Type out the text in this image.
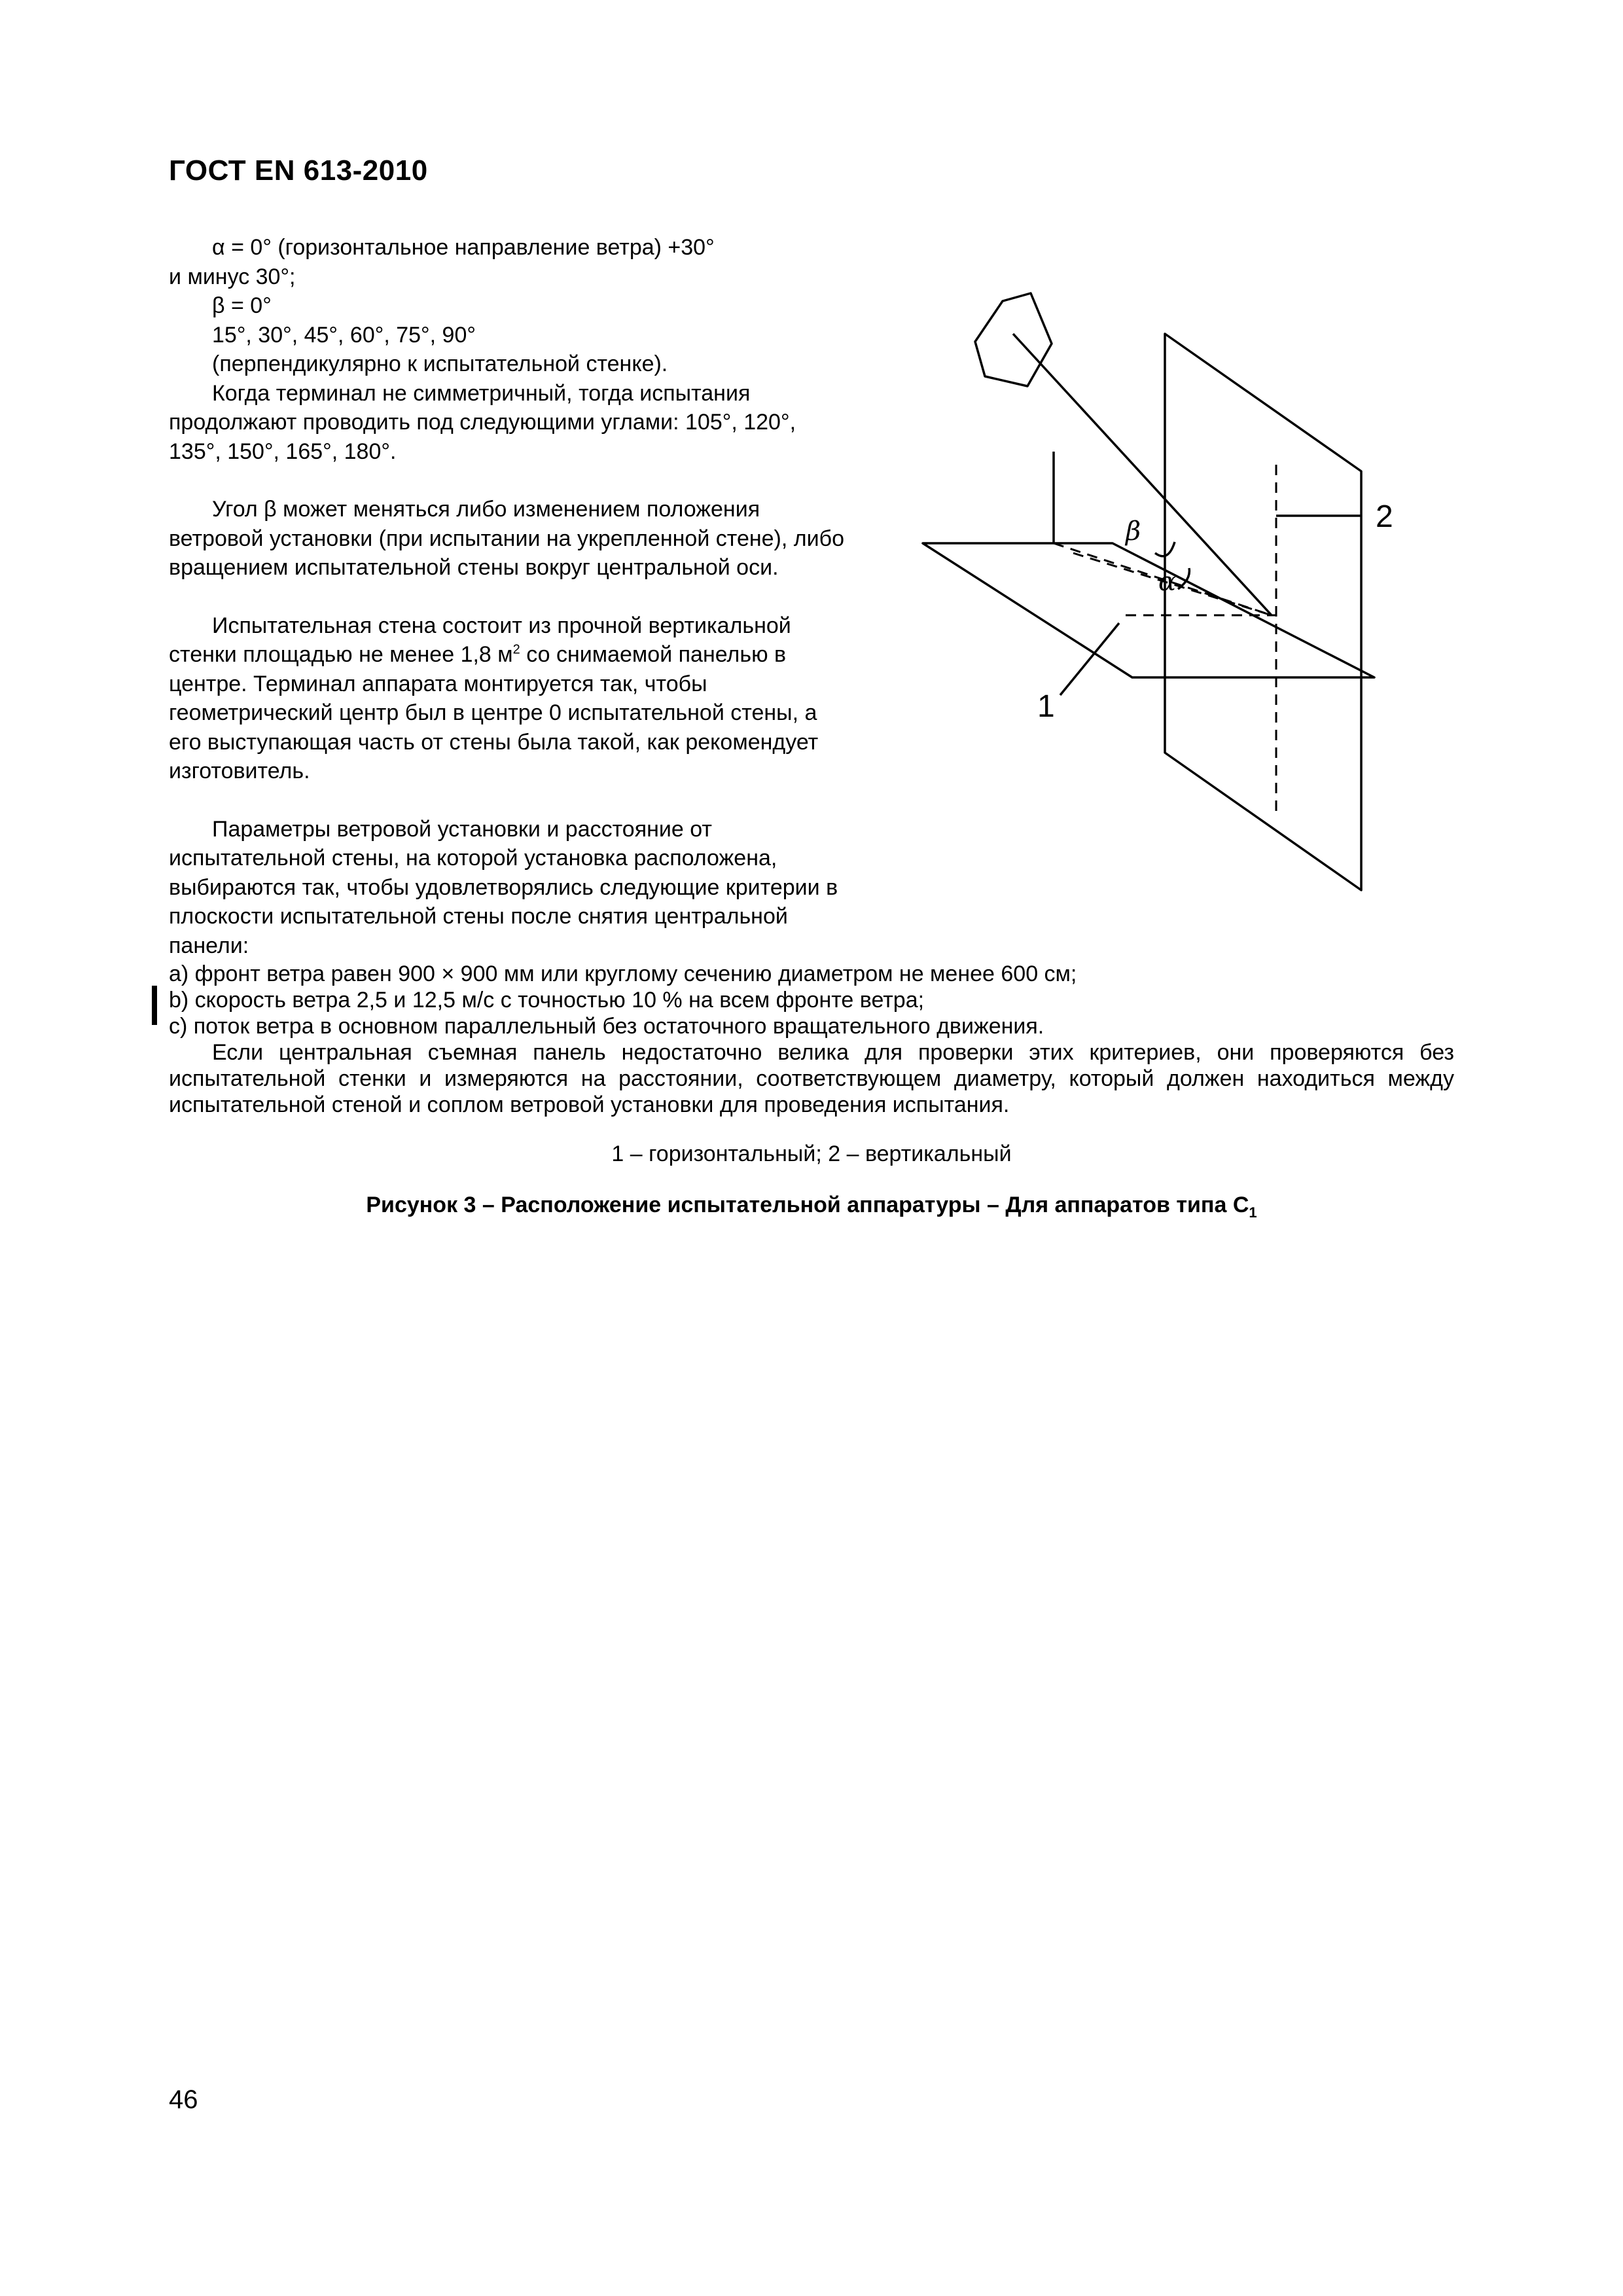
ГОСТ EN 613-2010

α = 0° (горизонтальное направление ветра) +30°

и минус 30°;

β = 0°

15°, 30°, 45°, 60°, 75°, 90°

(перпендикулярно к испытательной стенке).

Когда терминал не симметричный, тогда испытания продолжают проводить под следующими углами: 105°, 120°, 135°, 150°, 165°, 180°.

Угол β может меняться либо изменением положения ветровой установки (при испытании на укрепленной стене), либо вращением испытательной стены вокруг центральной оси.

Испытательная стена состоит из прочной вертикальной стенки площадью не менее 1,8 $м^2$ со снимаемой панелью в центре. Терминал аппарата монтируется так, чтобы геометрический центр был в центре 0 испытательной стены, а его выступающая часть от стены была такой, как рекомендует изготовитель.

Параметры ветровой установки и расстояние от испытательной стены, на которой установка расположена, выбираются так, чтобы удовлетворялись следующие критерии в плоскости испытательной стены после снятия центральной панели:

а) фронт ветра равен 900 × 900 мм или круглому сечению диаметром не менее 600 см;

b) скорость ветра 2,5 и 12,5 м/с с точностью 10 % на всем фронте ветра;

с) поток ветра в основном параллельный без остаточного вращательного движения.

Если центральная съемная панель недостаточно велика для проверки этих критериев, они проверяются без испытательной стенки и измеряются на расстоянии, соответствующем диаметру, который должен находиться между испытательной стеной и соплом ветровой установки для проведения испытания.

β
α
1
2
1 – горизонтальный; 2 – вертикальный
Рисунок 3 – Расположение испытательной аппаратуры – Для аппаратов типа $С_1$
46
